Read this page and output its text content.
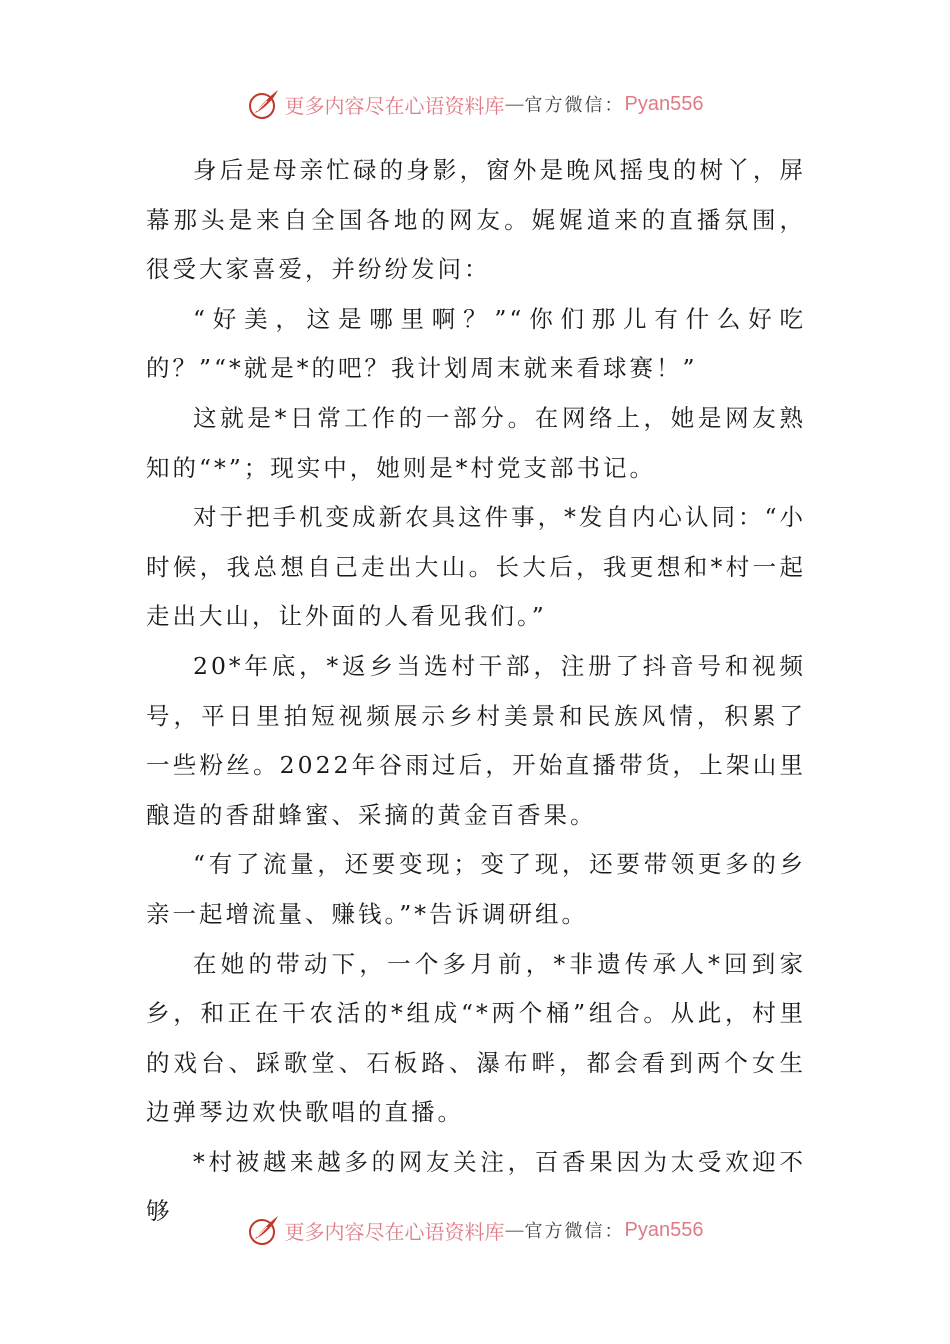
更多内容尽在心语资料库 — 官方微信： Pyan556

身后是母亲忙碌的身影，窗外是晚风摇曳的树丫，屏幕那头是来自全国各地的网友。娓娓道来的直播氛围，很受大家喜爱，并纷纷发问：

“好美，这是哪里啊？”“你们那儿有什么好吃的？”“*就是*的吧？我计划周末就来看球赛！”

这就是*日常工作的一部分。在网络上，她是网友熟知的“*”；现实中，她则是*村党支部书记。

对于把手机变成新农具这件事，*发自内心认同：“小时候，我总想自己走出大山。长大后，我更想和*村一起走出大山，让外面的人看见我们。”

20*年底，*返乡当选村干部，注册了抖音号和视频号，平日里拍短视频展示乡村美景和民族风情，积累了一些粉丝。2022年谷雨过后，开始直播带货，上架山里酿造的香甜蜂蜜、采摘的黄金百香果。

“有了流量，还要变现；变了现，还要带领更多的乡亲一起增流量、赚钱。”*告诉调研组。

在她的带动下，一个多月前，*非遗传承人*回到家乡，和正在干农活的*组成“*两个桶”组合。从此，村里的戏台、踩歌堂、石板路、瀑布畔，都会看到两个女生边弹琴边欢快歌唱的直播。

*村被越来越多的网友关注，百香果因为太受欢迎不够

更多内容尽在心语资料库 — 官方微信： Pyan556
